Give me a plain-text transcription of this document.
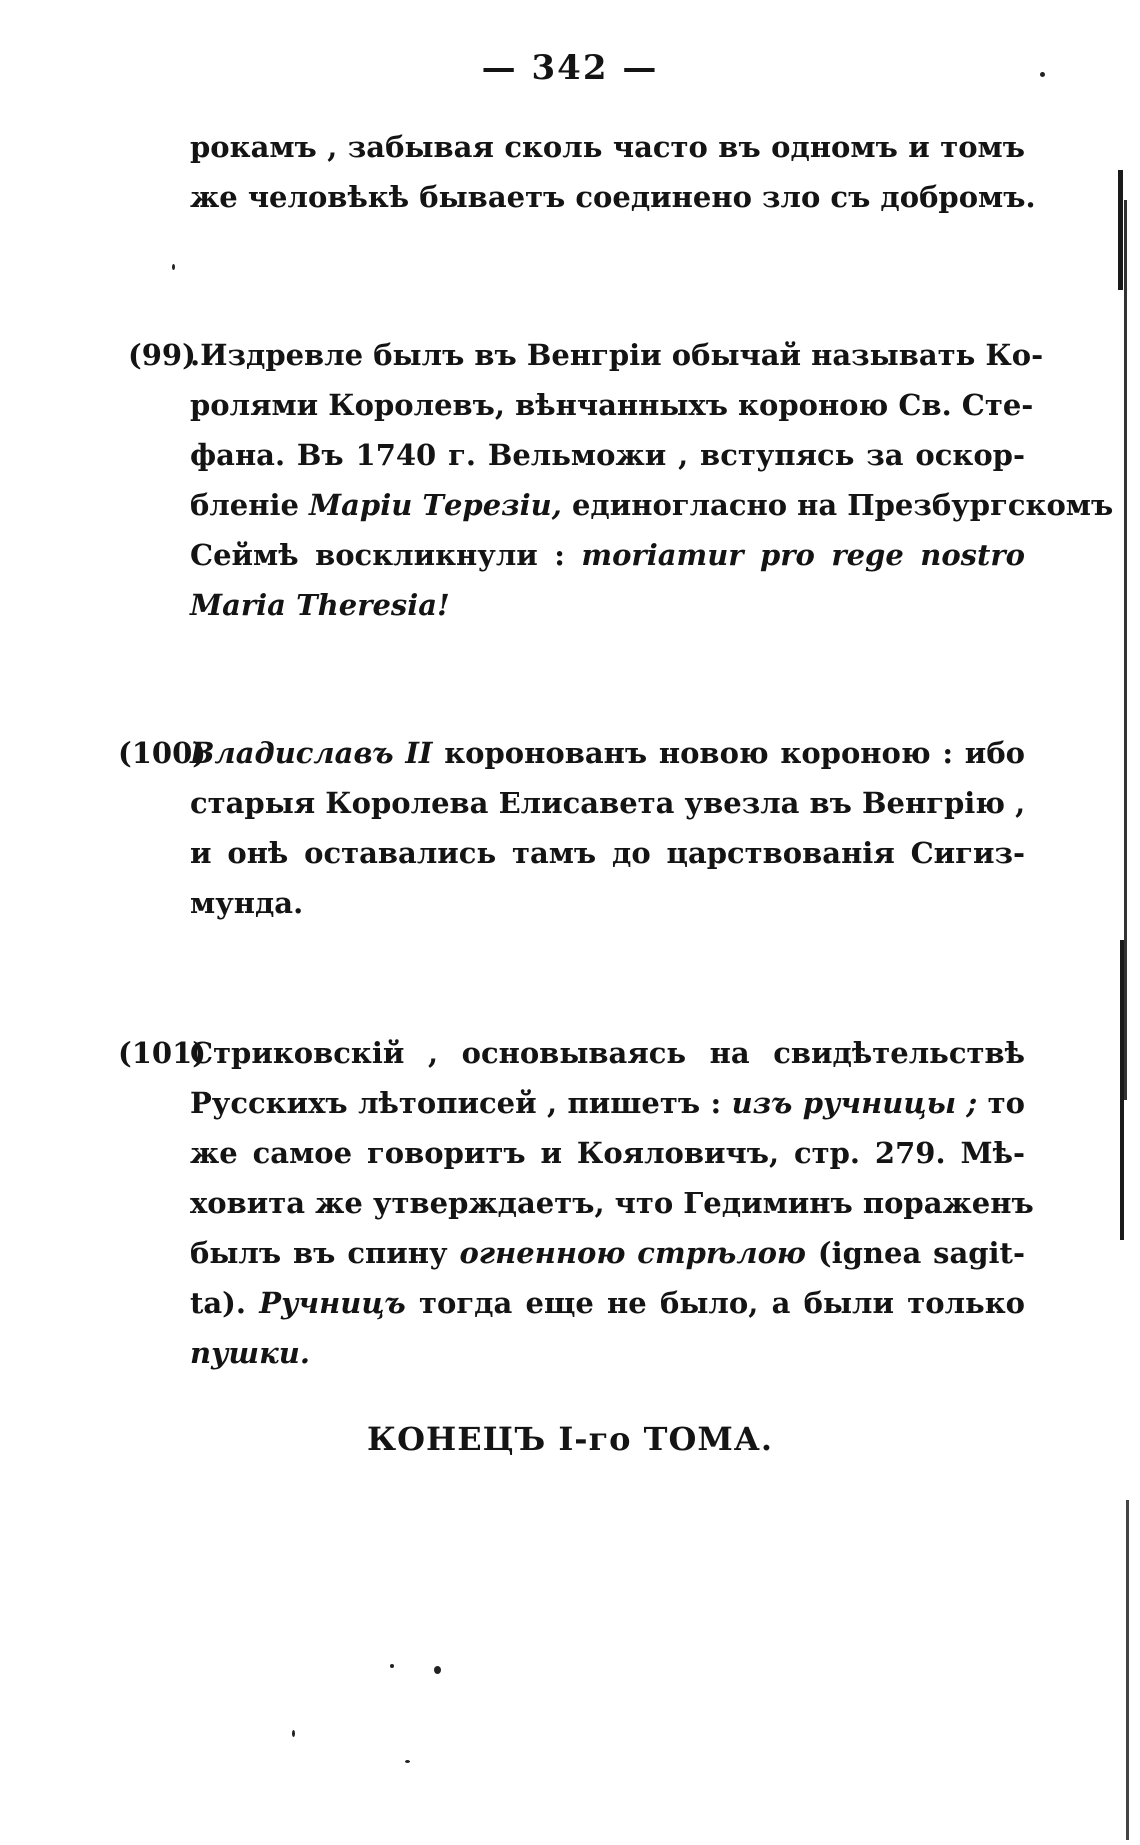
— 342 —
рокамъ , забывая сколь часто въ одномъ и томъ
же человѣкѣ бываетъ соединено зло съ добромъ.
(99)
.Издревле былъ въ Венгріи обычай называть Ко-
ролями Королевъ, вѣнчанныхъ короною Св. Сте-
фана. Въ 1740 г. Вельможи , вступясь за оскор-
бленіе Маріи Терезіи, единогласно на Презбургскомъ
Сеймѣ воскликнули : moriamur pro rege nostro
Maria Theresia!
(100)
Владиславъ II коронованъ новою короною : ибо
старыя Королева Елисавета увезла въ Венгрію ,
и онѣ оставались тамъ до царствованія Сигиз-
мунда.
(101)
Стриковскій , основываясь на свидѣтельствѣ
Русскихъ лѣтописей , пишетъ : изъ ручницы ; то
же самое говоритъ и Кояловичъ, стр. 279. Мѣ-
ховита же утверждаетъ, что Гедиминъ пораженъ
былъ въ спину огненною стрѣлою (ignea sagit-
ta). Ручницъ тогда еще не было, а были только
пушки.
КОНЕЦЪ I-го ТОМА.
